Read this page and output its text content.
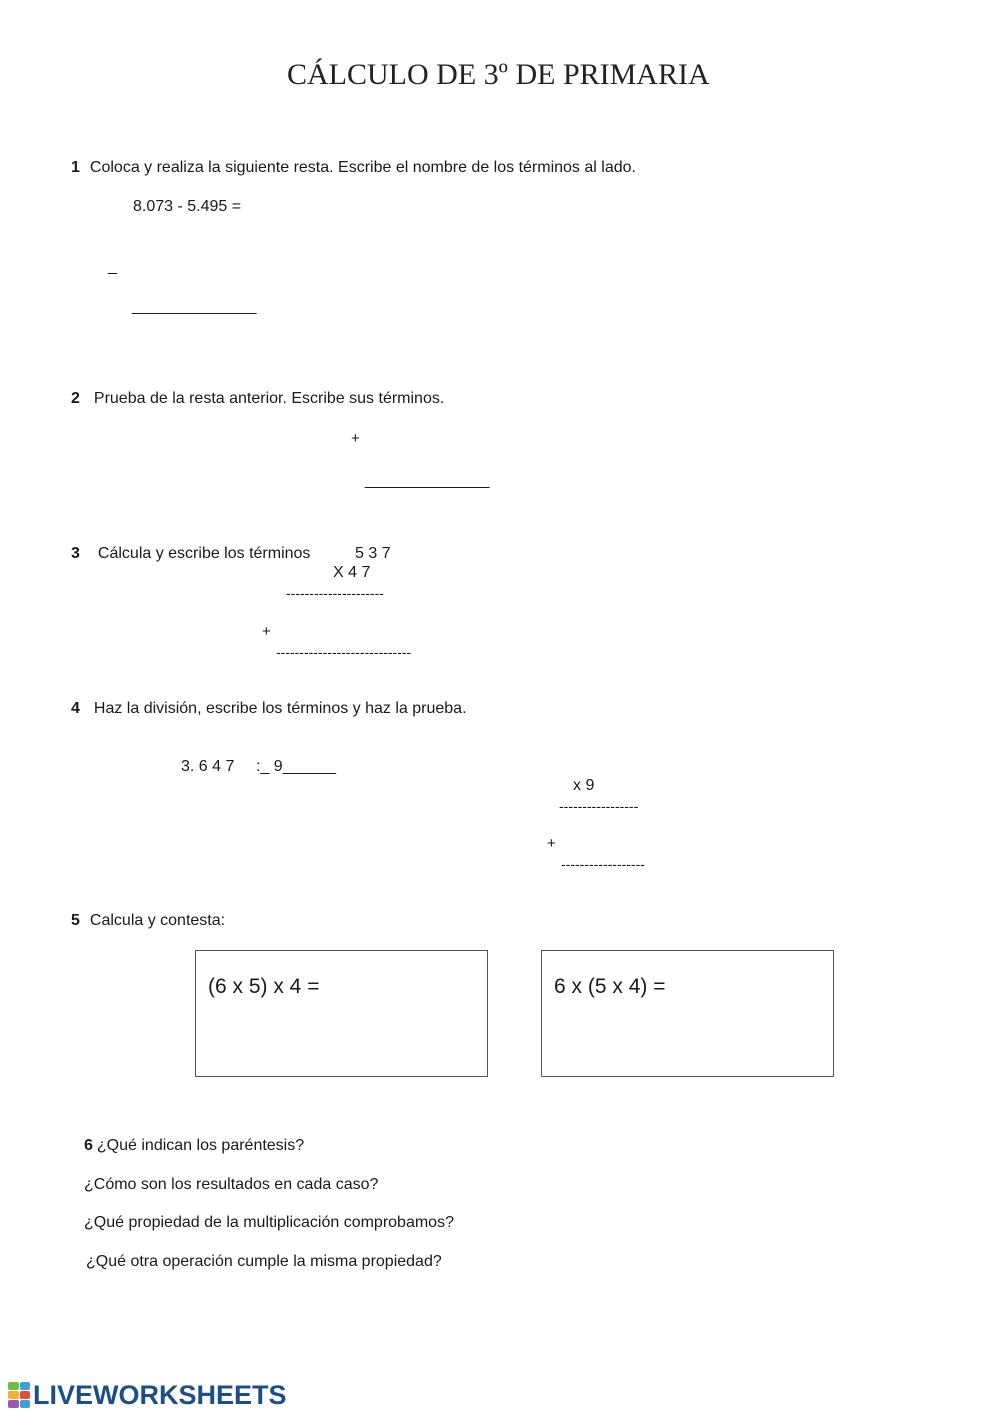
CÁLCULO DE 3º DE PRIMARIA
1 Coloca y realiza la siguiente resta. Escribe el nombre de los términos al lado.
8.073 - 5.495 =
_
______________
2 Prueba de la resta anterior. Escribe sus términos.
+
______________
3 Cálcula y escribe los términos	5 3 7
X 4 7
---------------------
+
-----------------------------
4 Haz la división, escribe los términos y haz la prueba.
3. 6 4 7 :_ 9______
x 9
-----------------
+
------------------
5 Calcula y contesta:
(6 x 5) x 4 =	6 x (5 x 4) =
6 ¿Qué indican los paréntesis?
¿Cómo son los resultados en cada caso?
¿Qué propiedad de la multiplicación comprobamos?
¿Qué otra operación cumple la misma propiedad?
LIVEWORKSHEETS
